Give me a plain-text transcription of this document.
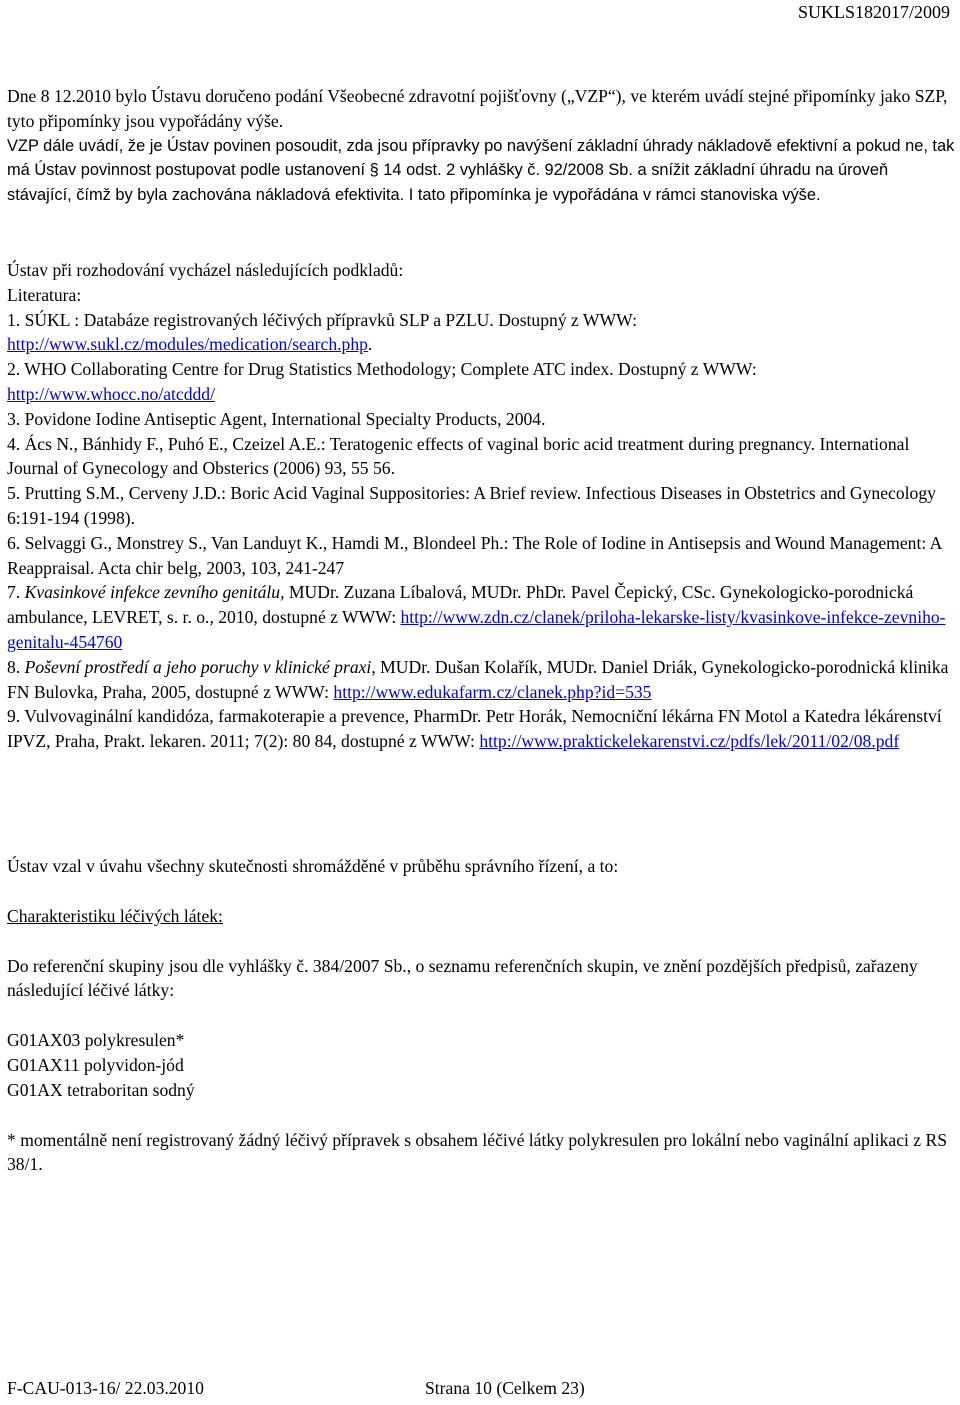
SUKLS182017/2009

Dne 8 12.2010 bylo Ústavu doručeno podání Všeobecné zdravotní pojišťovny („VZP“), ve kterém uvádí stejné připomínky jako SZP, tyto připomínky jsou vypořádány výše.

VZP dále uvádí, že je Ústav povinen posoudit, zda jsou přípravky po navýšení základní úhrady nákladově efektivní a pokud ne, tak má Ústav povinnost postupovat podle ustanovení § 14 odst. 2 vyhlášky č. 92/2008 Sb. a snížit základní úhradu na úroveň stávající, čímž by byla zachována nákladová efektivita. I tato připomínka je vypořádána v rámci stanoviska výše.

Ústav při rozhodování vycházel následujících podkladů:

Literatura:

1. SÚKL : Databáze registrovaných léčivých přípravků SLP a PZLU. Dostupný z WWW: http://www.sukl.cz/modules/medication/search.php.

2. WHO Collaborating Centre for Drug Statistics Methodology; Complete ATC index. Dostupný z WWW: http://www.whocc.no/atcddd/

3. Povidone Iodine Antiseptic Agent, International Specialty Products, 2004.

4. Ács N., Bánhidy F., Puhó E., Czeizel A.E.: Teratogenic effects of vaginal boric acid treatment during pregnancy. International Journal of Gynecology and Obsterics (2006) 93, 55 56.

5. Prutting S.M., Cerveny J.D.: Boric Acid Vaginal Suppositories: A Brief review. Infectious Diseases in Obstetrics and Gynecology 6:191-194 (1998).

6. Selvaggi G., Monstrey S., Van Landuyt K., Hamdi M., Blondeel Ph.: The Role of Iodine in Antisepsis and Wound Management: A Reappraisal. Acta chir belg, 2003, 103, 241-247

7. Kvasinkové infekce zevního genitálu, MUDr. Zuzana Líbalová, MUDr. PhDr. Pavel Čepický, CSc. Gynekologicko-porodnická ambulance, LEVRET, s. r. o., 2010, dostupné z WWW: http://www.zdn.cz/clanek/priloha-lekarske-listy/kvasinkove-infekce-zevniho-genitalu-454760

8. Poševní prostředí a jeho poruchy v klinické praxi, MUDr. Dušan Kolařík, MUDr. Daniel Driák, Gynekologicko-porodnická klinika FN Bulovka, Praha, 2005, dostupné z WWW: http://www.edukafarm.cz/clanek.php?id=535

9. Vulvovaginální kandidóza, farmakoterapie a prevence, PharmDr. Petr Horák, Nemocniční lékárna FN Motol a Katedra lékárenství IPVZ, Praha, Prakt. lekaren. 2011; 7(2): 80 84, dostupné z WWW: http://www.praktickelekarenstvi.cz/pdfs/lek/2011/02/08.pdf

Ústav vzal v úvahu všechny skutečnosti shromážděné v průběhu správního řízení, a to:

Charakteristiku léčivých látek:

Do referenční skupiny jsou dle vyhlášky č. 384/2007 Sb., o seznamu referenčních skupin, ve znění pozdějších předpisů, zařazeny následující léčivé látky:

G01AX03 polykresulen*

G01AX11 polyvidon-jód

G01AX tetraboritan sodný

* momentálně není registrovaný žádný léčivý přípravek s obsahem léčivé látky polykresulen pro lokální nebo vaginální aplikaci z RS 38/1.

F-CAU-013-16/ 22.03.2010	Strana 10 (Celkem 23)
